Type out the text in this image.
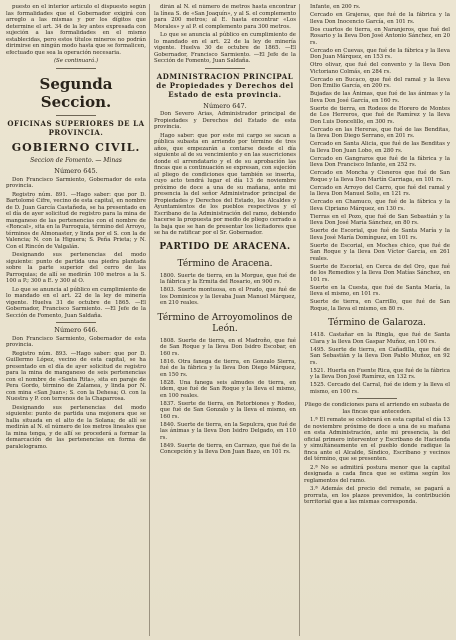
puesto en el interior artículo el dispuesto según las formalidades que el Gobernador exigirá con arreglo a las mismas y por los dígitos que determine el art. 34 de la ley antes expresada con sujeción a las formalidades en el mismo establecidas, pero estos títulos mineros no podrán dirimirse en ningún modo hasta que se formalicen, efectuado que sea la operación necesaria.

(Se continuará.)

Segunda Seccion.
OFICINAS SUPERIORES DE LA PROVINCIA.
GOBIERNO CIVIL.
Seccion de Fomento. — Minas
Número 645.

Don Francisco Sarmiento, Gobernador de esta provincia.

Registro núm. 891. —Hago saber: que por D. Bartolomé Cifre, vecino de esta capital, en nombre de D. Juan García Castañeda, se ha presentado en el día de ayer solicitud de registro para la mina de manganeso de las pertenencias con el nombre de «Roncal», sita en la Parroquia, término del Arroyo, términos de Almonaster, y linda por el S. con la de Valencia; N. con la Higuera; S. Peña Prieta; y N. Con el Rincón de Valgalán.

Designando sus pertenencias del modo siguiente: punto de partida una piedra plantada sobre la parte superior del cerro de las Parroquias; de allí se medirán 100 metros a la S. 100 a P.; 300 a E. y 300 al O.

Lo que se anuncia al público en cumplimiento de lo mandado en el art. 22 de la ley de minería vigente. Huelva 31 de octubre de 1865. —El Gobernador, Francisco Sarmiento. —El Jefe de la Sección de Fomento, Juan Saldaña.

Número 646.

Don Francisco Sarmiento, Gobernador de esta provincia.

Registro núm. 893. —Hago saber: que por D. Guillermo López, vecino de esta capital, se ha presentado en el día de ayer solicitud de registro para la mina de manganeso de seis pertenencias con el nombre de «Santa Rita», sita en paraje de Pera Gordo, término de Zalamea, y linda por N. con mina «San Juan»; S. con la Dehesa; O. con la Nuestra y P. con terrenos de la Chaparrosa.

Designando sus pertenencias del modo siguiente: punto de partida una mojonera que se halla situada en el alto de la Solana; de allí se medirán al N. el número de los metros lineales que la mina tenga, y de allí se procederá a formar la demarcación de las pertenencias en forma de paralelogramo.

dirán al N. el número de metros hasta encontrar la línea S. de «San Joaquín», y al S. el complemento para 200 metros; al E. hasta encontrar «Los Morales» y al P. el complemento para 300 metros.

Lo que se anuncia al público en cumplimiento de lo mandado en el art. 22 de la ley de minería vigente. Huelva 30 de octubre de 1865. —El Gobernador, Francisco Sarmiento. —El Jefe de la Sección de Fomento, Juan Saldaña.

ADMINISTRACION PRINCIPAL de Propiedades y Derechos del Estado de esta provincia.
Número 647.

Don Severo Arias, Administrador principal de Propiedades y Derechos del Estado de esta provincia.

Hago saber: que por este mi cargo se sacan a pública subasta en arriendo por término de tres años, que empezarán a contarse desde el día siguiente al de su vencimiento y en las suscriciones donde el arrendatario y el de su aprobación las fincas que a continuación se expresan, con sujeción al pliego de condiciones que también se inserta, cuyo acto tendrá lugar el día 13 de noviembre próximo de doce a una de su mañana, ante mi presencia la del señor Administrador principal de Propiedades y Derechos del Estado, los Alcaldes y Ayuntamientos de los pueblos respectivos y el Escribano de la Administración del ramo, debiendo hacerse la propuesta por medio de pliego cerrado a la baja que se han de presentar los licitadores que se ha de ratificar por el Sr. Gobernador.

PARTIDO DE ARACENA.
Término de Aracena.

1800. Suerte de tierra, en la Morgue, que fué de la fábrica y la Ermita del Rosario, en 900 rs.

1803. Suerte montuosa, en el Prado, que fué de los Dominicos y la llevaba Juan Manuel Márquez, en 210 reales.

Término de Arroyomolinos de León.

1808. Suerte de tierra, en el Madroño, que fué de San Roque y la lleva Don Isidro Escobar, en 160 rs.

1816. Otra fanega de tierra, en Gonzalo Sierra, fué de la fábrica y la lleva Don Diego Márquez, en 150 rs.

1828. Una fanega seis almudes de tierra, en idem, que fué de San Roque y la lleva el mismo, en 100 reales.

1837. Suerte de tierra, en Retorbiones y Rodeo, que fué de San Gonzalo y la lleva el mismo, en 160 rs.

1840. Suerte de tierra, en la Sepulcra, que fué de las ánimas y la lleva Don Isidro Delgado, en 110 rs.

1849. Suerte de tierra, en Carrazo, que fué de la Concepción y la lleva Don Juan Bazo, en 101 rs.

Infante, en 200 rs.

Cercado en Grajeras, que fué de la fábrica y la lleva Don Inocencio García, en 101 rs.

Dos cuartos de tierra, en Naranjeros, que fué del Rosario y la lleva Don José Antonio Sánchez, en 20 rs.

Cercado en Cuevas, que fué de la fábrica y la lleva Don Juan Márquez, en 153 rs.

Otro olivar, que fué del convento y la lleva Don Victoriano Colmás, en 284 rs.

Cercado en Bucaco, que fué del ramal y la lleva Don Emilio García, en 200 rs.

Bujadas de las Ánimas, que fué de las ánimas y la lleva Don José García, en 160 rs.

Suerte de tierra, en Rodeos de Horero de Montes de Los Herreros, que fué de Ramírez y la lleva Don Luis Doncelillo, en 300 rs.

Cercado en las Hereras, que fué de las Benditas, la lleva Don Diego Serrano, en 201 rs.

Cercado en Santa Alicia, que fué de las Benditas y la lleva Don Juan Lobo, en 280 rs.

Cercado en Gangraros que fué de la fábrica y la lleva Don Francisco Infante, en 252 rs.

Cercado en Moncha y Cisneros que fué de San Roque y la lleva Don Martín Carriaga, en 101 rs.

Cercado en Arroyo del Carro, que fué del ramal y la lleva Don Manuel Solis, en 121 rs.

Cercado en Chamuco, que fué de la fábrica y la lleva Cipriano Márquez, en 130 rs.

Tierras en el Pozo, que fué de San Sebastián y la lleva Don José María Sánchez, en 80 rs.

Suerte de Escorial, que fué de Santa María y la lleva José María Domínguez, en 101 rs.

Suerte de Escorial, en Moches chico, que fué de San Roque y la lleva Don Víctor García, en 261 reales.

Suerte de Escorial, en Cerca de del Oro, que fué de los Remedios y la lleva Don Matías Sánchez, en 101 rs.

Suerte en la Cuesta, que fué de Santa María, la lleva el mismo, en 101 rs.

Suerte de tierra, en Carrillo, que fué de San Roque, la lleva el mismo, en 80 rs.

Término de Galaroza.

1418. Castañar en la Ringla, que fué de Santa Clara y la lleva Don Gaspar Muñoz, en 100 rs.

1495. Suerte de tierra, en Cañadilla, que fué de San Sebastián y la lleva Don Pablo Muñoz, en 92 rs.

1521. Huerta en Fuente Rica, que fué de la fábrica y la lleva Don José Ramírez, en 132 rs.

1525. Cercado del Carral, fué de idem y la lleva el mismo, en 100 rs.

Pliego de condiciones para el arriendo en subasta de las fincas que anteceden.

1.ª El remate se celebrará en esta capital el día 13 de noviembre próximo de doce a una de su mañana en esta Administración, ante mi presencia, la del oficial primero interventor y Escribano de Hacienda y simultáneamente en el pueblo donde radique la finca ante el Alcalde, Síndico, Escribano y vecinos del término, que se presenten.

2.ª No se admitirá postura menor que la capital designada a cada finca que se estima según los reglamentos del ramo.

3.ª Además del precio del remate, se pagará a prorrata, en los plazos prevenidos, la contribución territorial que a las mismas corresponda.
